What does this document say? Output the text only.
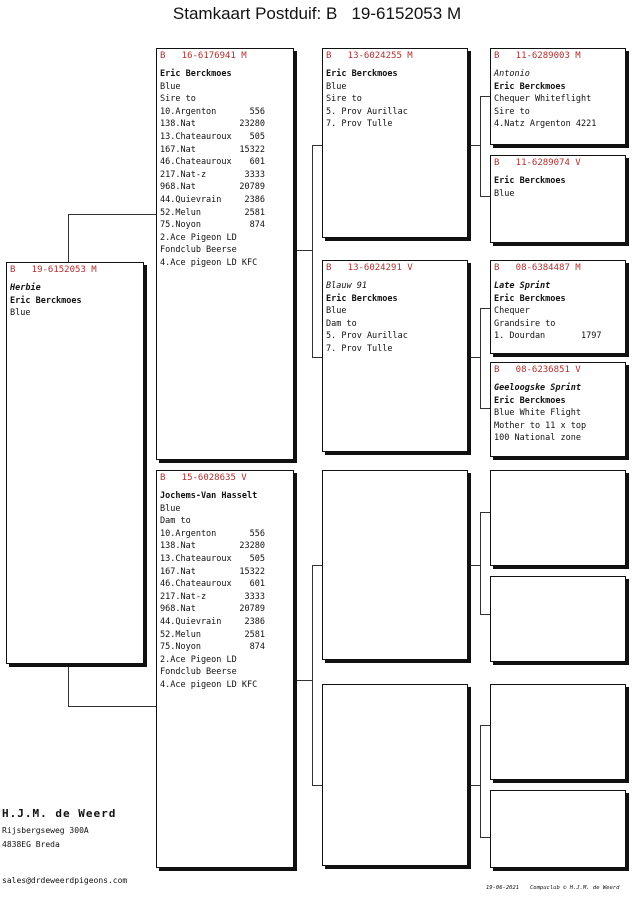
Stamkaart Postduif: B   19-6152053 M
B   19-6152053 M
Herbie
Eric Berckmoes
Blue
B   16-6176941 M
Eric Berckmoes
Blue
Sire to
10.Argenton	556
138.Nat	23280
13.Chateauroux 505
167.Nat	15322
46.Chateauroux 601
217.Nat-z	3333
968.Nat	20789
44.Quievrain	2386
52.Melun	2581
75.Noyon	874
2.Ace Pigeon LD
Fondclub Beerse
4.Ace pigeon LD KFC
B   15-6028635 V
Jochems-Van Hasselt
Blue
Dam to
10.Argenton	556
138.Nat	23280
13.Chateauroux 505
167.Nat	15322
46.Chateauroux 601
217.Nat-z	3333
968.Nat	20789
44.Quievrain	2386
52.Melun	2581
75.Noyon	874
2.Ace Pigeon LD
Fondclub Beerse
4.Ace pigeon LD KFC
B   13-6024255 M
Eric Berckmoes
Blue
Sire to
5. Prov Aurillac
7. Prov Tulle
B   13-6024291 V
Blauw 91
Eric Berckmoes
Blue
Dam to
5. Prov Aurillac
7. Prov Tulle
B   11-6289003 M
Antonio
Eric Berckmoes
Chequer Whiteflight
Sire to
4.Natz Argenton 4221
B   11-6289074 V
Eric Berckmoes
Blue
B   08-6384487 M
Late Sprint
Eric Berckmoes
Chequer
Grandsire to
1. Dourdan       1797
B   08-6236851 V
Geeloogske Sprint
Eric Berckmoes
Blue White Flight
Mother to 11 x top
100 National zone
H.J.M. de Weerd
Rijsbergseweg 300A
4838EG Breda
sales@drdeweerdpigeons.com
19-06-2021 Compuclub © H.J.M. de Weerd
